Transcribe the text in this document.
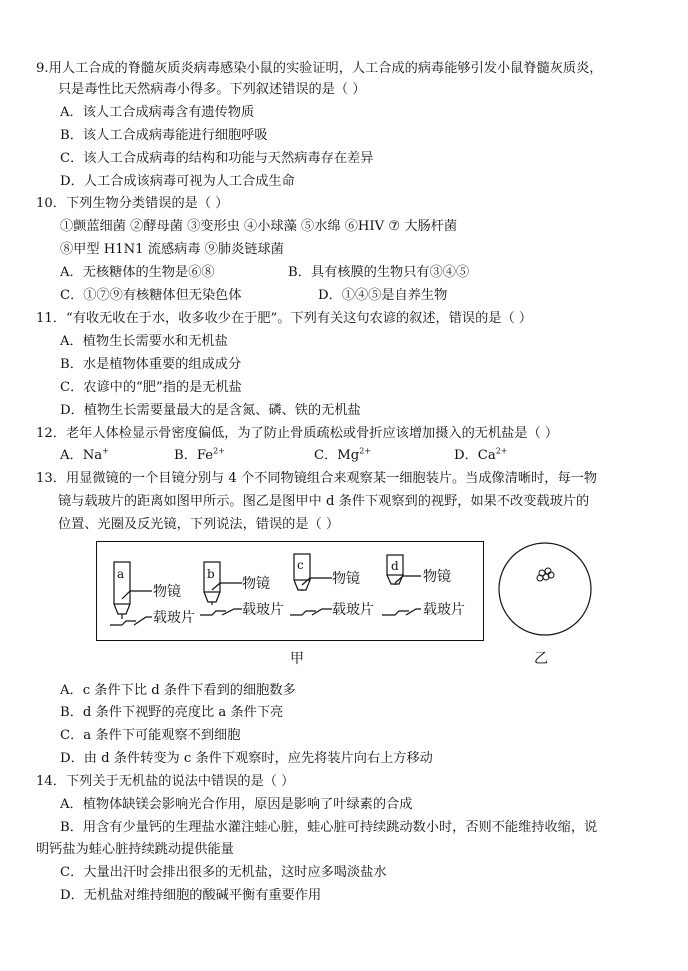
9.用人工合成的脊髓灰质炎病毒感染小鼠的实验证明，人工合成的病毒能够引发小鼠脊髓灰质炎，
只是毒性比天然病毒小得多。下列叙述错误的是（ ）
A．该人工合成病毒含有遗传物质
B．该人工合成病毒能进行细胞呼吸
C．该人工合成病毒的结构和功能与天然病毒存在差异
D．人工合成该病毒可视为人工合成生命
10．下列生物分类错误的是（ ）
①颤蓝细菌 ②酵母菌 ③变形虫 ④小球藻 ⑤水绵 ⑥HIV ⑦ 大肠杆菌
⑧甲型 H1N1 流感病毒 ⑨肺炎链球菌
A．无核糖体的生物是⑥⑧	B．具有核膜的生物只有③④⑤
C．①⑦⑨有核糖体但无染色体	D．①④⑤是自养生物
11．“有收无收在于水，收多收少在于肥”。下列有关这句农谚的叙述，错误的是（ ）
A．植物生长需要水和无机盐
B．水是植物体重要的组成成分
C．农谚中的“肥”指的是无机盐
D．植物生长需要量最大的是含氮、磷、铁的无机盐
12．老年人体检显示骨密度偏低，为了防止骨质疏松或骨折应该增加摄入的无机盐是（ ）
A．Na+	B．$Fe^{2+}$	C．$Mg^{2+}$	D．$Ca^{2+}$
13．用显微镜的一个目镜分别与 4 个不同物镜组合来观察某一细胞装片。当成像清晰时，每一物
镜与载玻片的距离如图甲所示。图乙是图甲中 d 条件下观察到的视野，如果不改变载玻片的
位置、光圈及反光镜，下列说法，错误的是（ ）
a	b
c	d
物镜	物镜	物镜	物镜
载玻片	载玻片	载玻片	载玻片
甲	乙
A．c 条件下比 d 条件下看到的细胞数多
B．d 条件下视野的亮度比 a 条件下亮
C．a 条件下可能观察不到细胞
D．由 d 条件转变为 c 条件下观察时，应先将装片向右上方移动
14．下列关于无机盐的说法中错误的是（ ）
A．植物体缺镁会影响光合作用，原因是影响了叶绿素的合成
B．用含有少量钙的生理盐水灌注蛙心脏，蛙心脏可持续跳动数小时，否则不能维持收缩，说
明钙盐为蛙心脏持续跳动提供能量
C．大量出汗时会排出很多的无机盐，这时应多喝淡盐水
D．无机盐对维持细胞的酸碱平衡有重要作用
